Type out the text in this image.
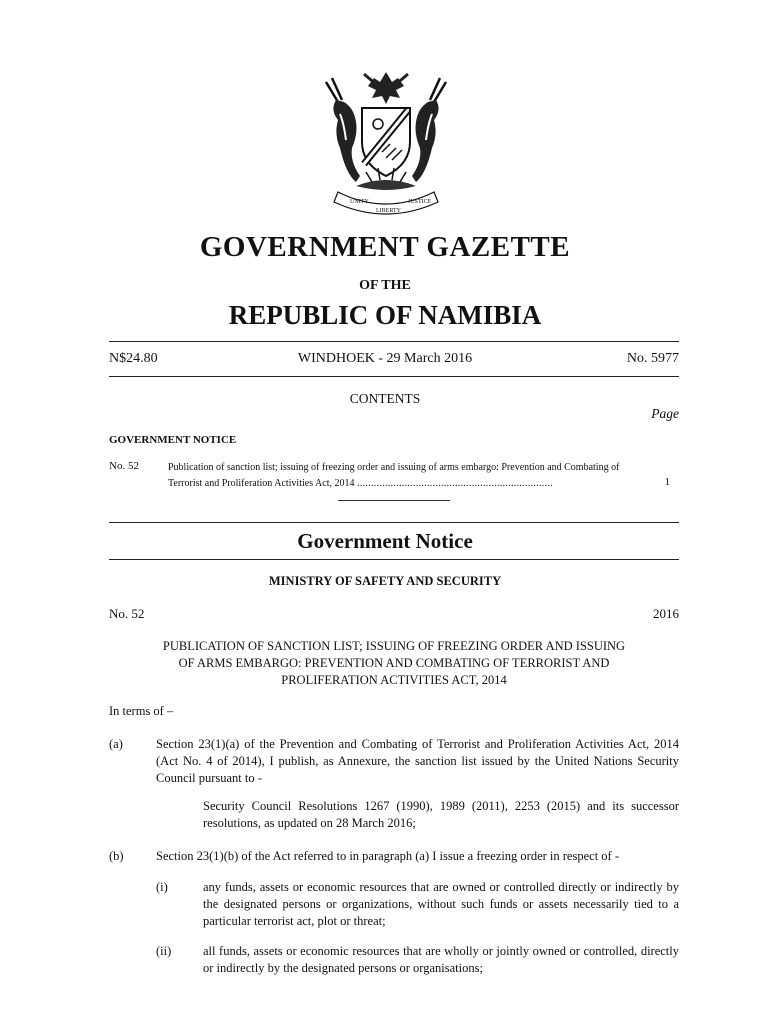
UNITY
LIBERTY
JUSTICE
GOVERNMENT GAZETTE
OF THE
REPUBLIC OF NAMIBIA
N$24.80	WINDHOEK - 29 March 2016	No. 5977
CONTENTS
Page
GOVERNMENT NOTICE
No. 52	Publication of sanction list; issuing of freezing order and issuing of arms embargo: Prevention and Combating of Terrorist and Proliferation Activities Act, 2014 ......................................................................	1
Government Notice
MINISTRY OF SAFETY AND SECURITY
No. 52	2016
PUBLICATION OF SANCTION LIST; ISSUING OF FREEZING ORDER AND ISSUING
OF ARMS EMBARGO: PREVENTION AND COMBATING OF TERRORIST AND
PROLIFERATION ACTIVITIES ACT, 2014
In terms of –
(a)	Section 23(1)(a) of the Prevention and Combating of Terrorist and Proliferation Activities Act, 2014 (Act No. 4 of 2014), I publish, as Annexure, the sanction list issued by the United Nations Security Council pursuant to -
Security Council Resolutions 1267 (1990), 1989 (2011), 2253 (2015) and its successor resolutions, as updated on 28 March 2016;
(b)	Section 23(1)(b) of the Act referred to in paragraph (a) I issue a freezing order in respect of -
(i)	any funds, assets or economic resources that are owned or controlled directly or indirectly by the designated persons or organizations, without such funds or assets necessarily tied to a particular terrorist act, plot or threat;
(ii)	all funds, assets or economic resources that are wholly or jointly owned or controlled, directly or indirectly by the designated persons or organisations;
